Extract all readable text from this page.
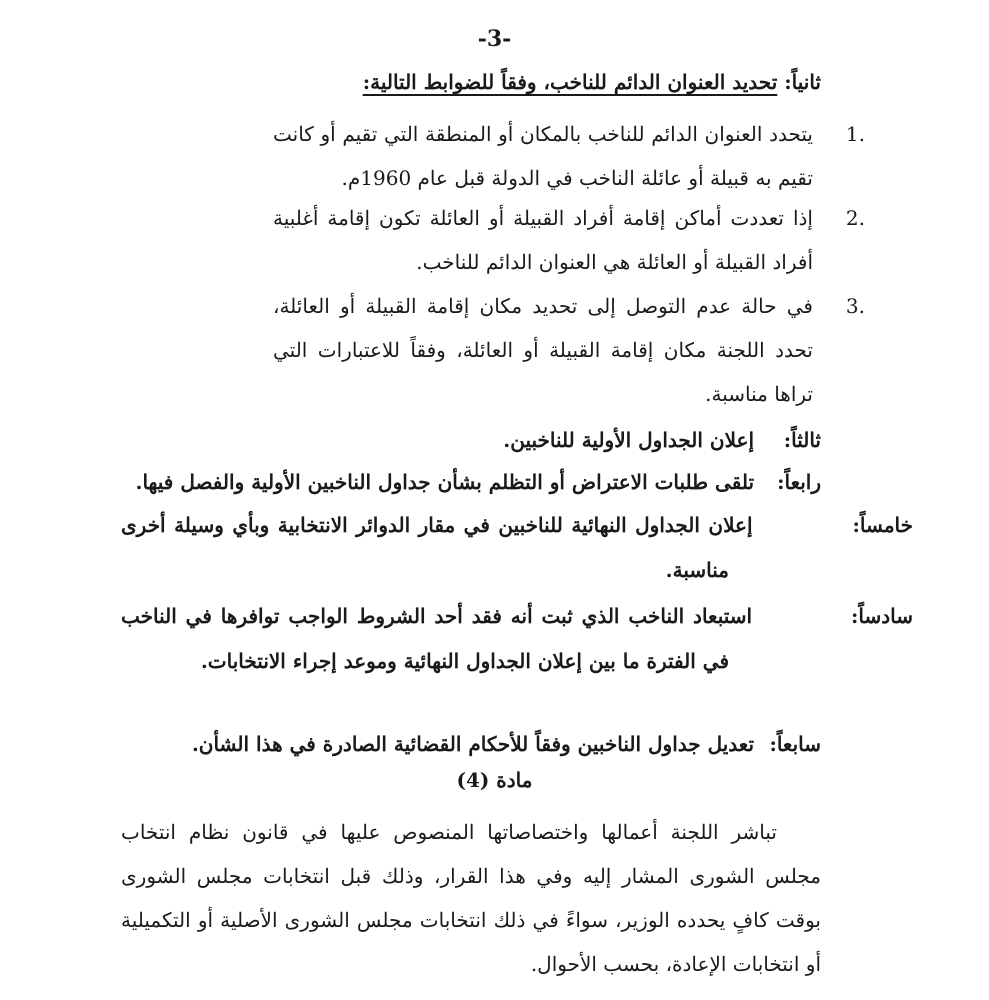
-3-
ثانياً: تحديد العنوان الدائم للناخب، وفقاً للضوابط التالية:
1.
يتحدد العنوان الدائم للناخب بالمكان أو المنطقة التي تقيم أو كانت تقيم به قبيلة أو عائلة الناخب في الدولة قبل عام 1960م.
2.
إذا تعددت أماكن إقامة أفراد القبيلة أو العائلة تكون إقامة أغلبية أفراد القبيلة أو العائلة هي العنوان الدائم للناخب.
3.
في حالة عدم التوصل إلى تحديد مكان إقامة القبيلة أو العائلة، تحدد اللجنة مكان إقامة القبيلة أو العائلة، وفقاً للاعتبارات التي تراها مناسبة.
ثالثاً: إعلان الجداول الأولية للناخبين.
رابعاً: تلقى طلبات الاعتراض أو التظلم بشأن جداول الناخبين الأولية والفصل فيها.
خامساً: إعلان الجداول النهائية للناخبين في مقار الدوائر الانتخابية وبأي وسيلة أخرى مناسبة.
سادساً: استبعاد الناخب الذي ثبت أنه فقد أحد الشروط الواجب توافرها في الناخب في الفترة ما بين إعلان الجداول النهائية وموعد إجراء الانتخابات.
سابعاً: تعديل جداول الناخبين وفقاً للأحكام القضائية الصادرة في هذا الشأن.
مادة (4)
تباشر اللجنة أعمالها واختصاصاتها المنصوص عليها في قانون نظام انتخاب مجلس الشورى المشار إليه وفي هذا القرار، وذلك قبل انتخابات مجلس الشورى بوقت كافٍ يحدده الوزير، سواءً في ذلك انتخابات مجلس الشورى الأصلية أو التكميلية أو انتخابات الإعادة، بحسب الأحوال.
